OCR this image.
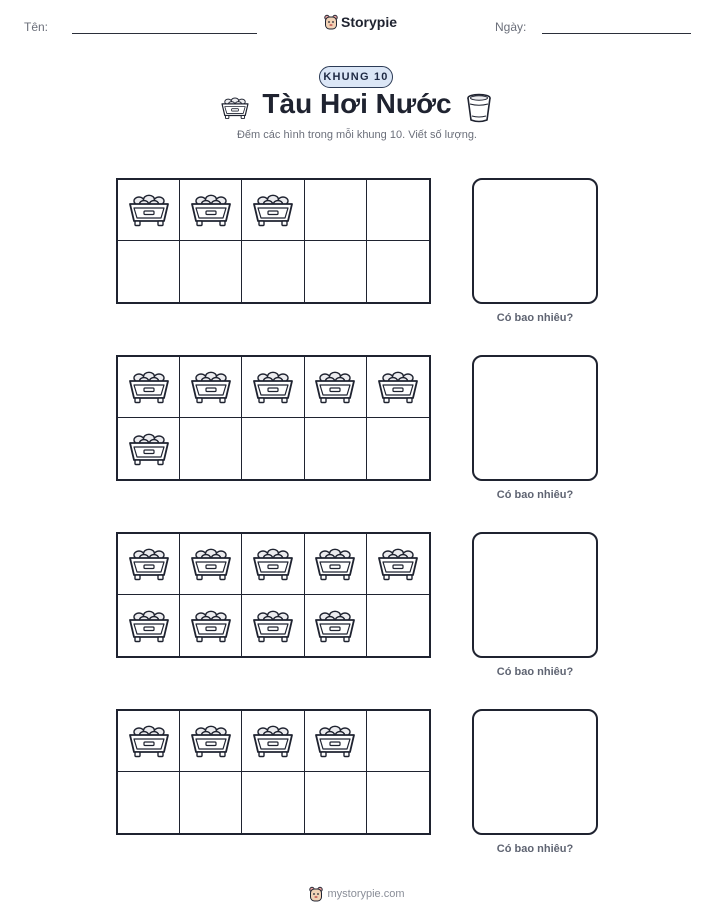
Tên:	Storypie	Ngày:
KHUNG 10
Tàu Hơi Nước
Đếm các hình trong mỗi khung 10. Viết số lượng.
Có bao nhiêu?
Có bao nhiêu?
Có bao nhiêu?
Có bao nhiêu?
mystorypie.com
